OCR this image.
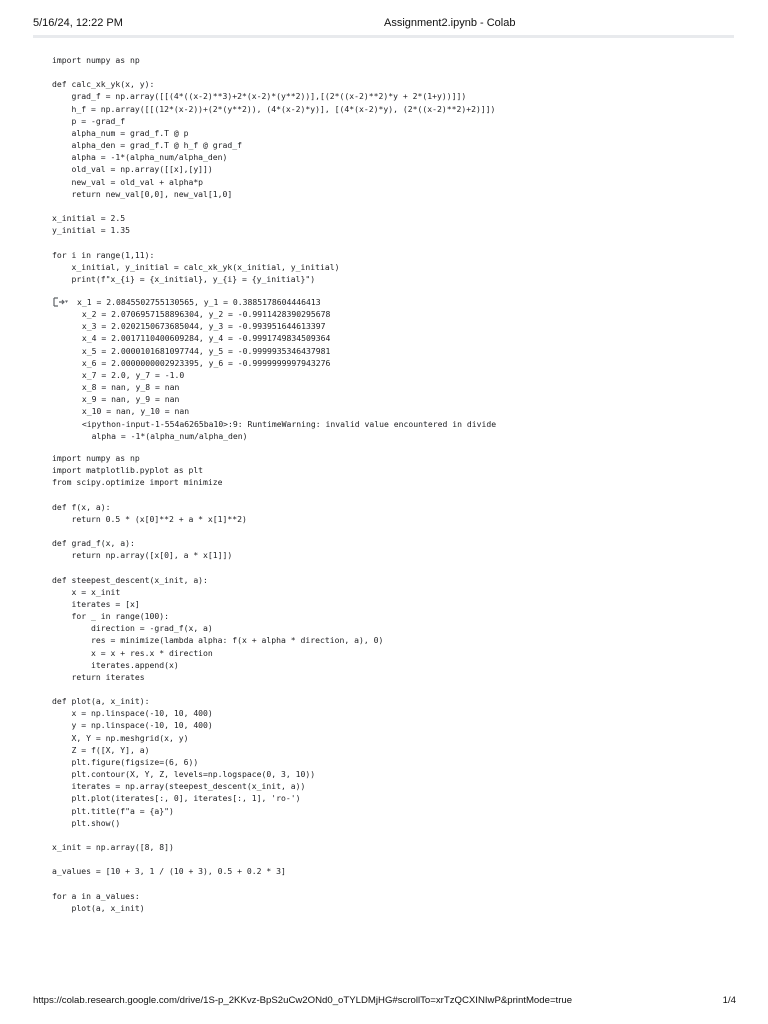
5/16/24, 12:22 PM	Assignment2.ipynb - Colab
import numpy as np

def calc_xk_yk(x, y):
grad_f = np.array([[(4*((x-2)**3)+2*(x-2)*(y**2))],[(2*((x-2)**2)*y + 2*(1+y))]])
h_f = np.array([[(12*(x-2))+(2*(y**2)), (4*(x-2)*y)], [(4*(x-2)*y), (2*((x-2)**2)+2)]])
p = -grad_f
alpha_num = grad_f.T @ p
alpha_den = grad_f.T @ h_f @ grad_f
alpha = -1*(alpha_num/alpha_den)
old_val = np.array([[x],[y]])
new_val = old_val + alpha*p
return new_val[0,0], new_val[1,0]

x_initial = 2.5
y_initial = 1.35

for i in range(1,11):
x_initial, y_initial = calc_xk_yk(x_initial, y_initial)
print(f"x_{i} = {x_initial}, y_{i} = {y_initial}")
x_1 = 2.0845502755130565, y_1 = 0.3885178604446413
x_2 = 2.0706957158896304, y_2 = -0.9911428390295678
x_3 = 2.0202150673685044, y_3 = -0.993951644613397
x_4 = 2.0017110400609284, y_4 = -0.9991749834509364
x_5 = 2.0000101681097744, y_5 = -0.9999935346437981
x_6 = 2.0000000002923395, y_6 = -0.9999999997943276
x_7 = 2.0, y_7 = -1.0
x_8 = nan, y_8 = nan
x_9 = nan, y_9 = nan
x_10 = nan, y_10 = nan
<ipython-input-1-554a6265ba10>:9: RuntimeWarning: invalid value encountered in divide
alpha = -1*(alpha_num/alpha_den)
import numpy as np
import matplotlib.pyplot as plt
from scipy.optimize import minimize

def f(x, a):
return 0.5 * (x[0]**2 + a * x[1]**2)

def grad_f(x, a):
return np.array([x[0], a * x[1]])

def steepest_descent(x_init, a):
x = x_init
iterates = [x]
for _ in range(100):
direction = -grad_f(x, a)
res = minimize(lambda alpha: f(x + alpha * direction, a), 0)
x = x + res.x * direction
iterates.append(x)
return iterates

def plot(a, x_init):
x = np.linspace(-10, 10, 400)
y = np.linspace(-10, 10, 400)
X, Y = np.meshgrid(x, y)
Z = f([X, Y], a)
plt.figure(figsize=(6, 6))
plt.contour(X, Y, Z, levels=np.logspace(0, 3, 10))
iterates = np.array(steepest_descent(x_init, a))
plt.plot(iterates[:, 0], iterates[:, 1], 'ro-')
plt.title(f"a = {a}")
plt.show()

x_init = np.array([8, 8])

a_values = [10 + 3, 1 / (10 + 3), 0.5 + 0.2 * 3]

for a in a_values:
plot(a, x_init)
https://colab.research.google.com/drive/1S-p_2KKvz-BpS2uCw2ONd0_oTYLDMjHG#scrollTo=xrTzQCXINIwP&printMode=true	1/4
